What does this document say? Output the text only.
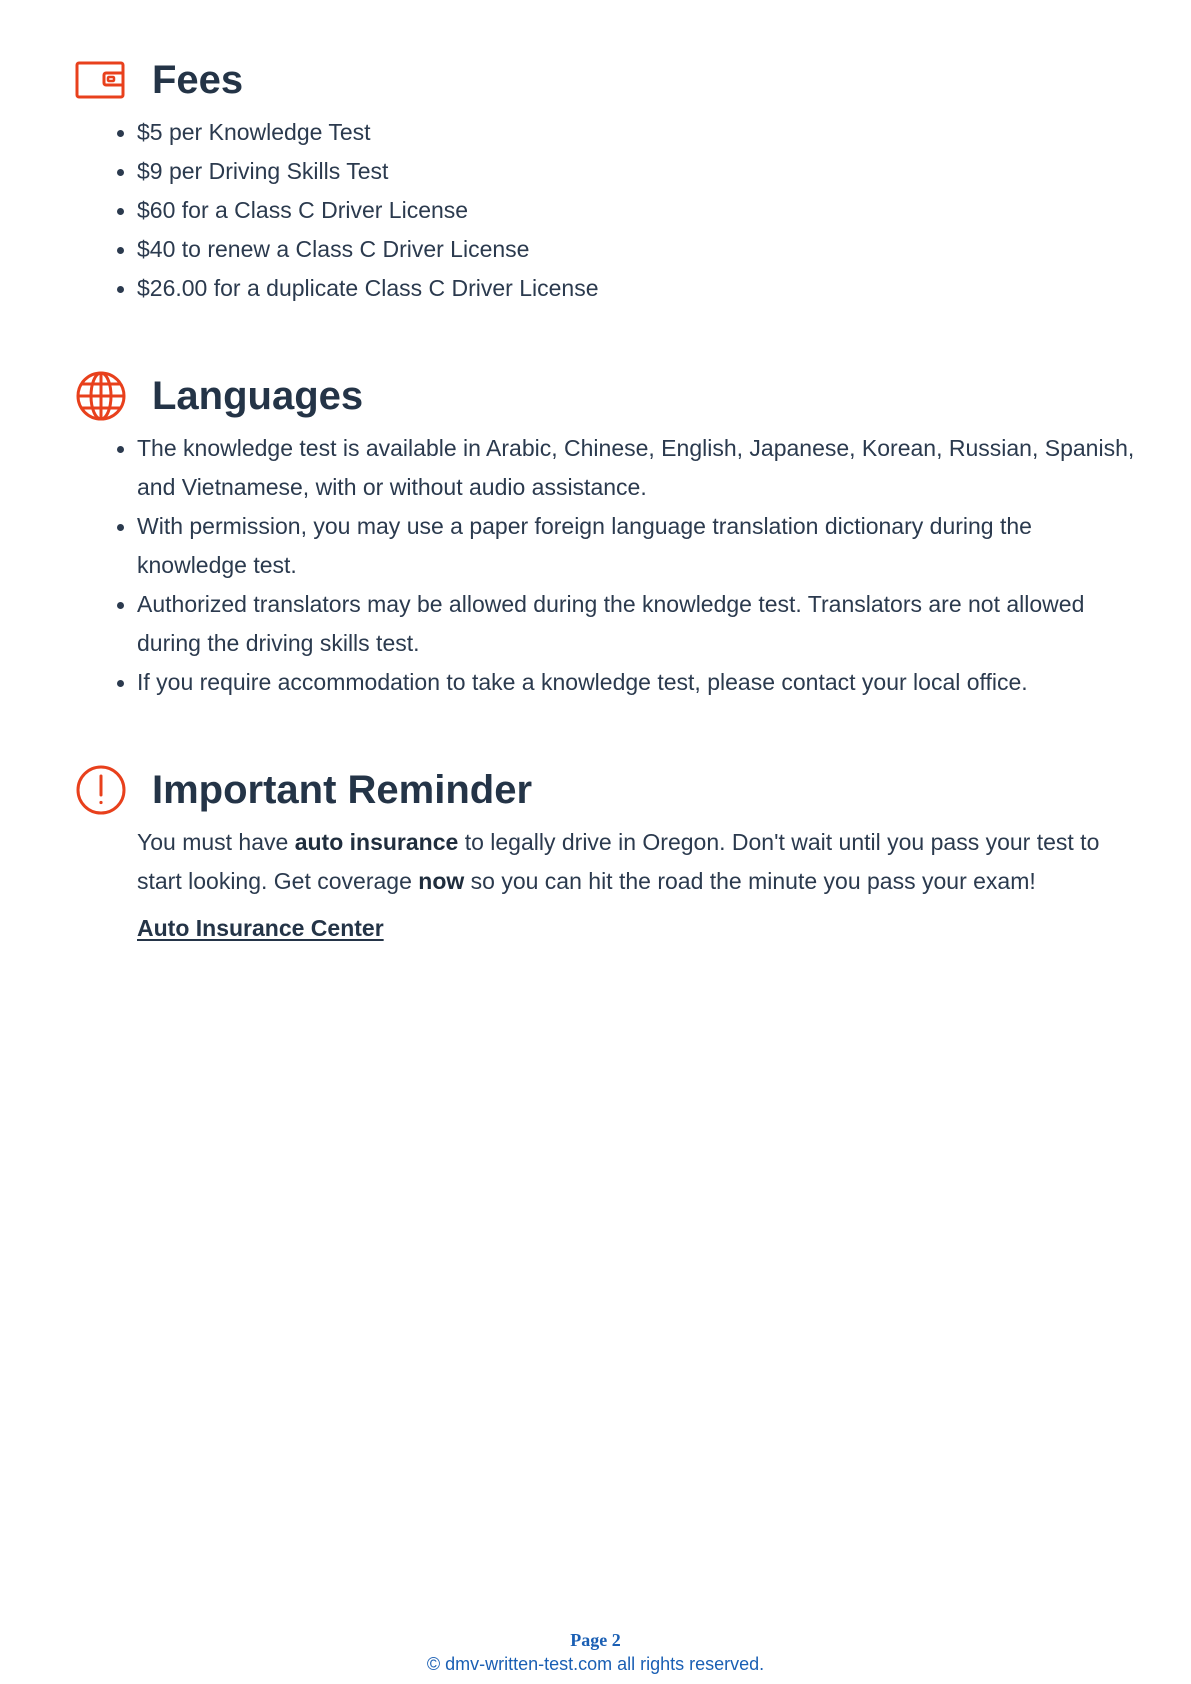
Fees
$5 per Knowledge Test
$9 per Driving Skills Test
$60 for a Class C Driver License
$40 to renew a Class C Driver License
$26.00 for a duplicate Class C Driver License
Languages
The knowledge test is available in Arabic, Chinese, English, Japanese, Korean, Russian, Spanish, and Vietnamese, with or without audio assistance.
With permission, you may use a paper foreign language translation dictionary during the knowledge test.
Authorized translators may be allowed during the knowledge test. Translators are not allowed during the driving skills test.
If you require accommodation to take a knowledge test, please contact your local office.
Important Reminder

You must have auto insurance to legally drive in Oregon. Don't wait until you pass your test to start looking. Get coverage now so you can hit the road the minute you pass your exam!

Auto Insurance Center
Page 2
© dmv-written-test.com all rights reserved.
